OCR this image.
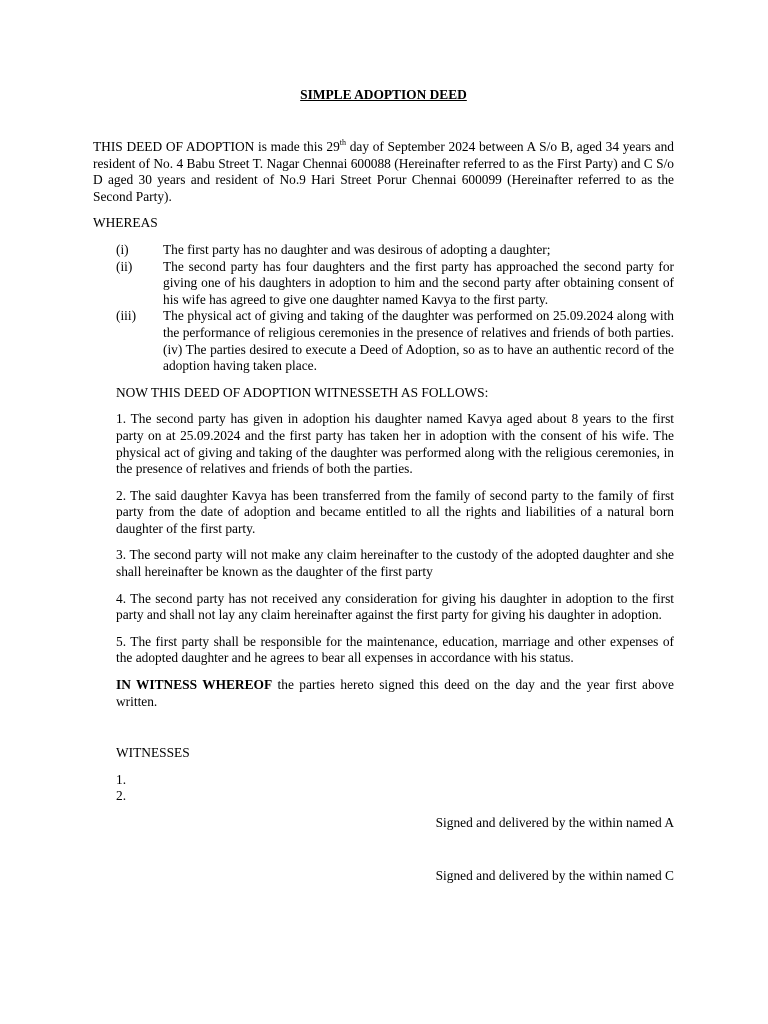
SIMPLE ADOPTION DEED

THIS DEED OF ADOPTION is made this 29th day of September 2024 between A S/o B, aged 34 years and resident of No. 4 Babu Street T. Nagar Chennai 600088 (Hereinafter referred to as the First Party) and C S/o D aged 30 years and resident of No.9 Hari Street Porur Chennai 600099 (Hereinafter referred to as the Second Party).

WHEREAS

(i)	The first party has no daughter and was desirous of adopting a daughter;
(ii)	The second party has four daughters and the first party has approached the second party for giving one of his daughters in adoption to him and the second party after obtaining consent of his wife has agreed to give one daughter named Kavya to the first party.
(iii)	The physical act of giving and taking of the daughter was performed on 25.09.2024 along with the performance of religious ceremonies in the presence of relatives and friends of both parties. (iv) The parties desired to execute a Deed of Adoption, so as to have an authentic record of the adoption having taken place.

NOW THIS DEED OF ADOPTION WITNESSETH AS FOLLOWS:

1. The second party has given in adoption his daughter named Kavya aged about 8 years to the first party on at 25.09.2024 and the first party has taken her in adoption with the consent of his wife. The physical act of giving and taking of the daughter was performed along with the religious ceremonies, in the presence of relatives and friends of both the parties.

2. The said daughter Kavya has been transferred from the family of second party to the family of first party from the date of adoption and became entitled to all the rights and liabilities of a natural born daughter of the first party.

3. The second party will not make any claim hereinafter to the custody of the adopted daughter and she shall hereinafter be known as the daughter of the first party

4. The second party has not received any consideration for giving his daughter in adoption to the first party and shall not lay any claim hereinafter against the first party for giving his daughter in adoption.

5. The first party shall be responsible for the maintenance, education, marriage and other expenses of the adopted daughter and he agrees to bear all expenses in accordance with his status.

IN WITNESS WHEREOF the parties hereto signed this deed on the day and the year first above written.

WITNESSES

1.

2.

Signed and delivered by the within named A

Signed and delivered by the within named C
